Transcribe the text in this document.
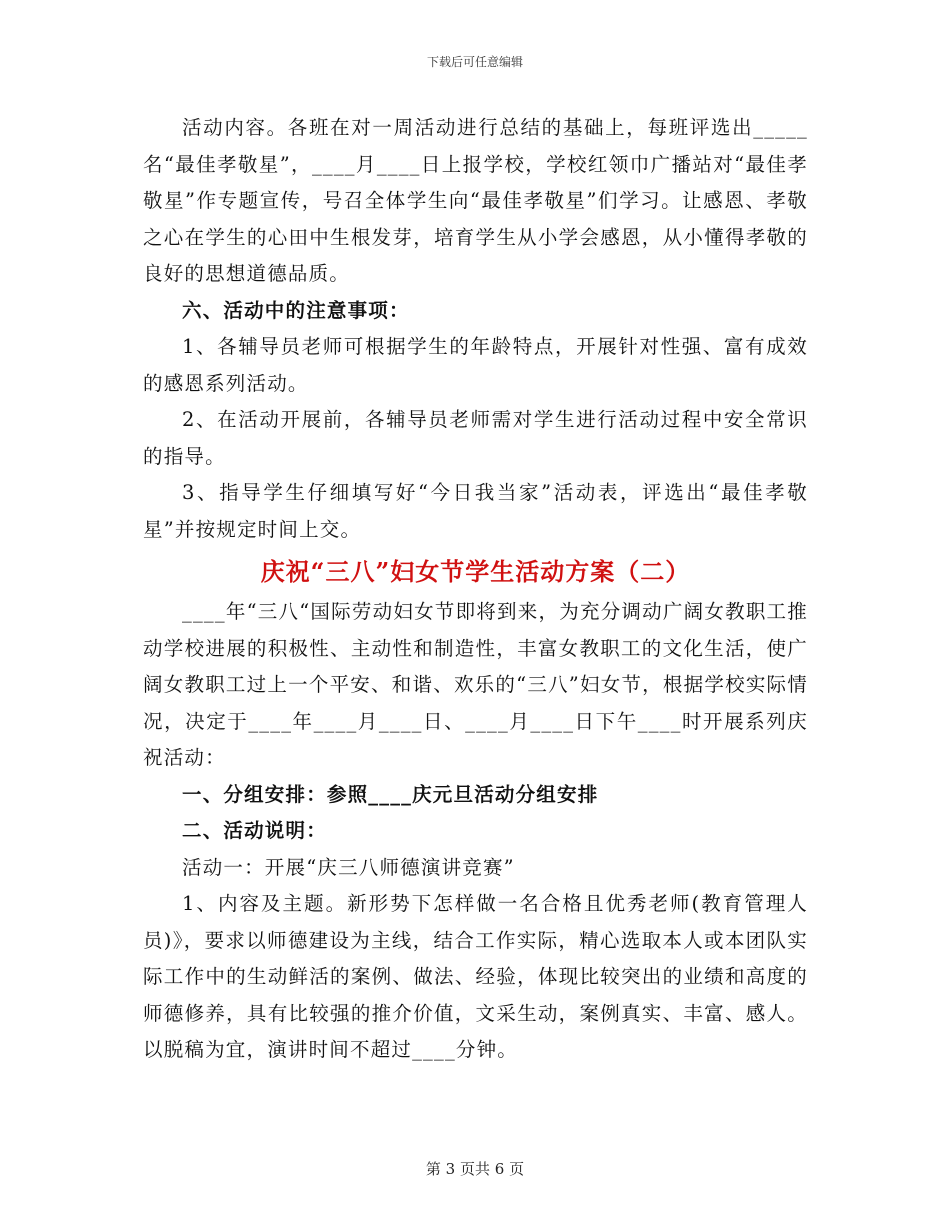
下载后可任意编辑

活动内容。各班在对一周活动进行总结的基础上，每班评选出_____名“最佳孝敬星”，____月____日上报学校，学校红领巾广播站对“最佳孝敬星”作专题宣传，号召全体学生向“最佳孝敬星”们学习。让感恩、孝敬之心在学生的心田中生根发芽，培育学生从小学会感恩，从小懂得孝敬的良好的思想道德品质。

六、活动中的注意事项：

1、各辅导员老师可根据学生的年龄特点，开展针对性强、富有成效的感恩系列活动。

2、在活动开展前，各辅导员老师需对学生进行活动过程中安全常识的指导。

3、指导学生仔细填写好“今日我当家”活动表，评选出“最佳孝敬星”并按规定时间上交。

庆祝“三八”妇女节学生活动方案（二）

____年“三八“国际劳动妇女节即将到来，为充分调动广阔女教职工推动学校进展的积极性、主动性和制造性，丰富女教职工的文化生活，使广阔女教职工过上一个平安、和谐、欢乐的“三八”妇女节，根据学校实际情况，决定于____年____月____日、____月____日下午____时开展系列庆祝活动：

一、分组安排：参照____庆元旦活动分组安排

二、活动说明：

活动一：开展“庆三八师德演讲竞赛”

1、内容及主题。新形势下怎样做一名合格且优秀老师(教育管理人员)》，要求以师德建设为主线，结合工作实际，精心选取本人或本团队实际工作中的生动鲜活的案例、做法、经验，体现比较突出的业绩和高度的师德修养，具有比较强的推介价值，文采生动，案例真实、丰富、感人。以脱稿为宜，演讲时间不超过____分钟。

第 3 页共 6 页
